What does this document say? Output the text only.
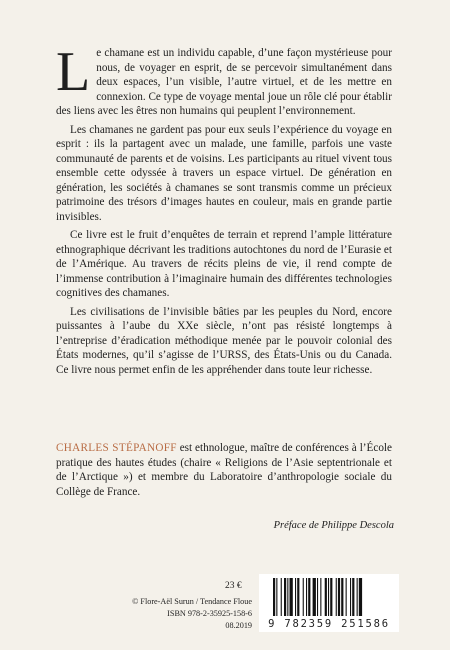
Le chamane est un individu capable, d’une façon mystérieuse pour nous, de voyager en esprit, de se percevoir simultanément dans deux espaces, l’un visible, l’autre virtuel, et de les mettre en connexion. Ce type de voyage mental joue un rôle clé pour établir des liens avec les êtres non humains qui peuplent l’environnement.

Les chamanes ne gardent pas pour eux seuls l’expérience du voyage en esprit : ils la partagent avec un malade, une famille, parfois une vaste communauté de parents et de voisins. Les participants au rituel vivent tous ensemble cette odyssée à travers un espace virtuel. De génération en génération, les sociétés à chamanes se sont transmis comme un précieux patrimoine des trésors d’images hautes en couleur, mais en grande partie invisibles.

Ce livre est le fruit d’enquêtes de terrain et reprend l’ample littérature ethnographique décrivant les traditions autochtones du nord de l’Eurasie et de l’Amérique. Au travers de récits pleins de vie, il rend compte de l’immense contribution à l’imaginaire humain des différentes technologies cognitives des chamanes.

Les civilisations de l’invisible bâties par les peuples du Nord, encore puissantes à l’aube du XXe siècle, n’ont pas résisté longtemps à l’entreprise d’éradication méthodique menée par le pouvoir colonial des États modernes, qu’il s’agisse de l’URSS, des États-Unis ou du Canada. Ce livre nous permet enfin de les appréhender dans toute leur richesse.

CHARLES STÉPANOFF est ethnologue, maître de conférences à l’École pratique des hautes études (chaire « Religions de l’Asie septentrionale et de l’Arctique ») et membre du Laboratoire d’anthropologie sociale du Collège de France.
Préface de Philippe Descola
23 €
© Flore-Aël Surun / Tendance Floue
ISBN 978-2-35925-158-6
08.2019	9 782359 251586
